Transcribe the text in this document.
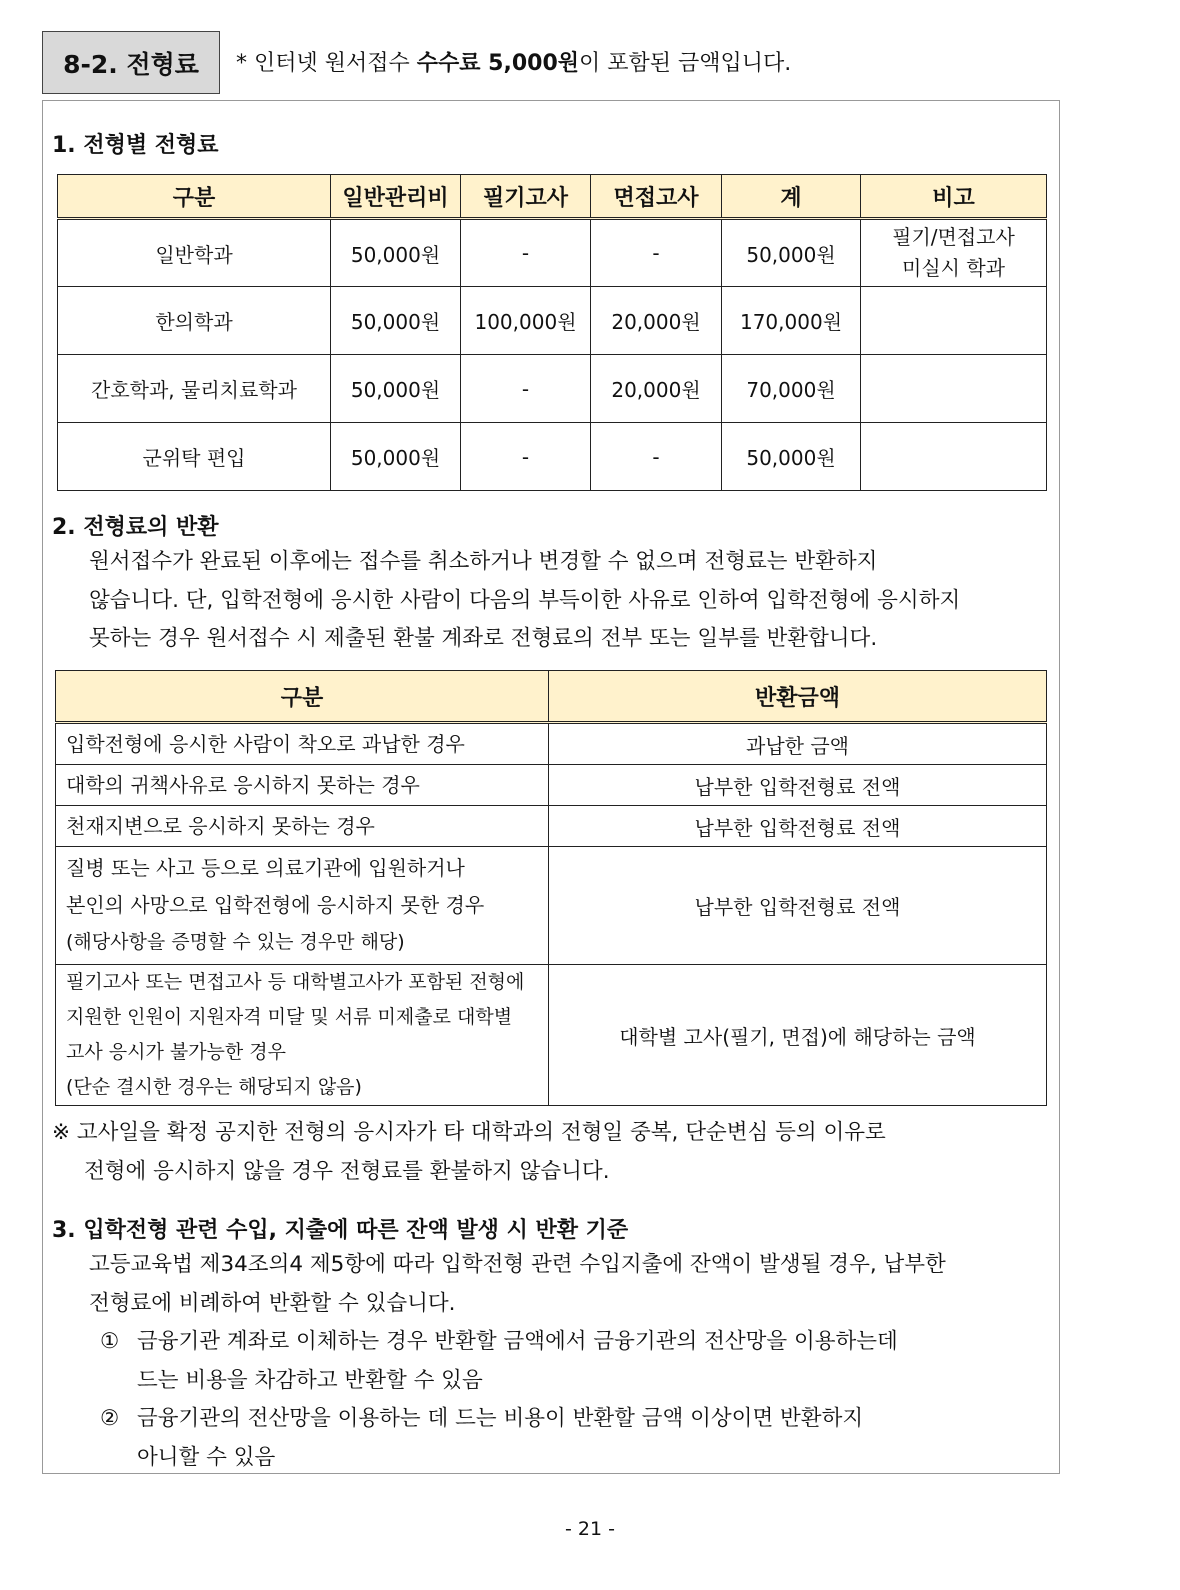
8-2. 전형료	* 인터넷 원서접수 수수료 5,000원이 포함된 금액입니다.
1. 전형별 전형료
구분	일반관리비	필기고사	면접고사	계	비고
일반학과	50,000원	-	-	50,000원	필기/면접고사
미실시 학과

한의학과	50,000원	100,000원	20,000원	170,000원	
간호학과, 물리치료학과	50,000원	-	20,000원	70,000원	
군위탁 편입	50,000원	-	-	50,000원	
2. 전형료의 반환
원서접수가 완료된 이후에는 접수를 취소하거나 변경할 수 없으며 전형료는 반환하지
않습니다. 단, 입학전형에 응시한 사람이 다음의 부득이한 사유로 인하여 입학전형에 응시하지
못하는 경우 원서접수 시 제출된 환불 계좌로 전형료의 전부 또는 일부를 반환합니다.
구분	반환금액
입학전형에 응시한 사람이 착오로 과납한 경우	과납한 금액
대학의 귀책사유로 응시하지 못하는 경우	납부한 입학전형료 전액
천재지변으로 응시하지 못하는 경우	납부한 입학전형료 전액

질병 또는 사고 등으로 의료기관에 입원하거나
본인의 사망으로 입학전형에 응시하지 못한 경우
(해당사항을 증명할 수 있는 경우만 해당)	납부한 입학전형료 전액

필기고사 또는 면접고사 등 대학별고사가 포함된 전형에
지원한 인원이 지원자격 미달 및 서류 미제출로 대학별
고사 응시가 불가능한 경우
(단순 결시한 경우는 해당되지 않음)	대학별 고사(필기, 면접)에 해당하는 금액
※ 고사일을 확정 공지한 전형의 응시자가 타 대학과의 전형일 중복, 단순변심 등의 이유로
전형에 응시하지 않을 경우 전형료를 환불하지 않습니다.
3. 입학전형 관련 수입, 지출에 따른 잔액 발생 시 반환 기준
고등교육법 제34조의4 제5항에 따라 입학전형 관련 수입지출에 잔액이 발생될 경우, 납부한
전형료에 비례하여 반환할 수 있습니다.
① 금융기관 계좌로 이체하는 경우 반환할 금액에서 금융기관의 전산망을 이용하는데
드는 비용을 차감하고 반환할 수 있음
② 금융기관의 전산망을 이용하는 데 드는 비용이 반환할 금액 이상이면 반환하지
아니할 수 있음
- 21 -
